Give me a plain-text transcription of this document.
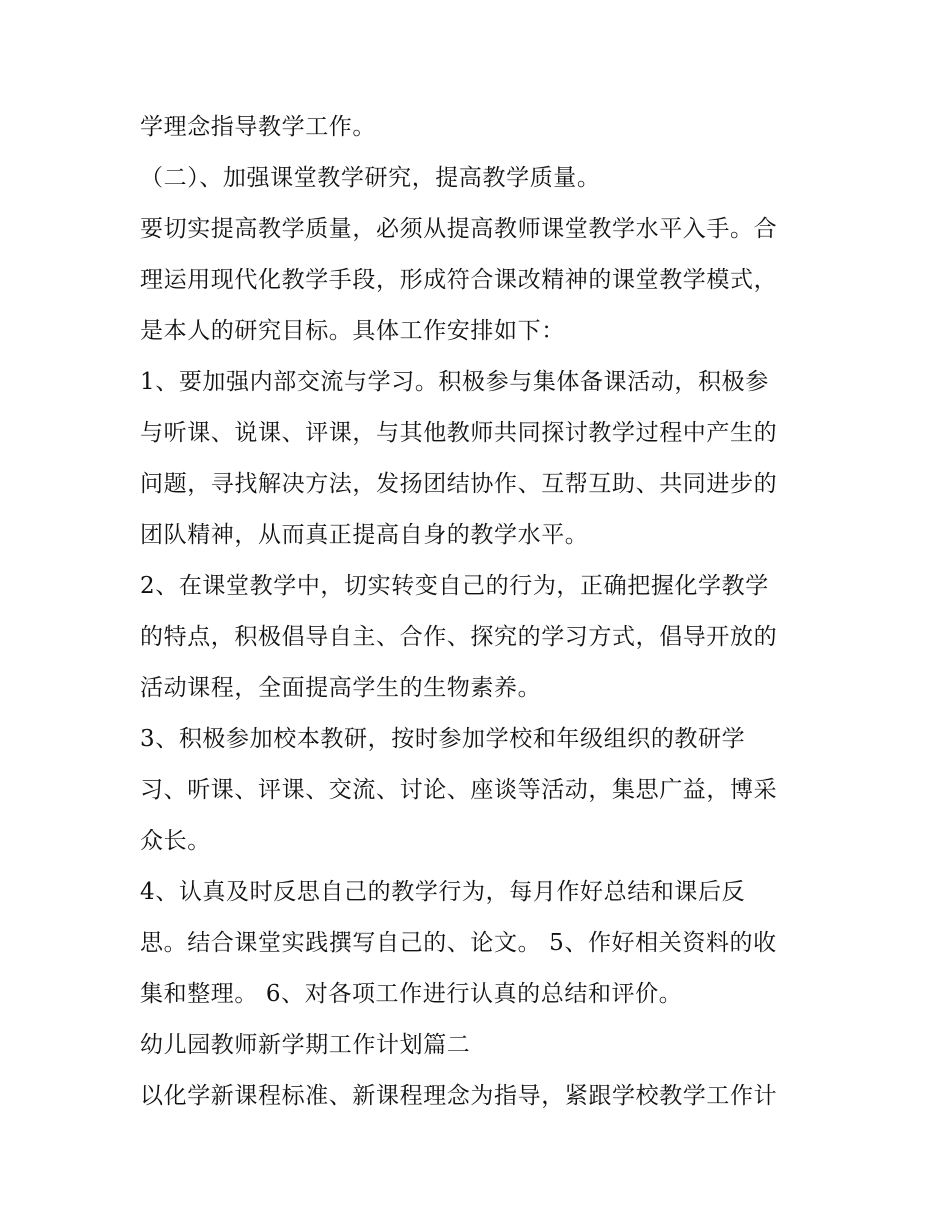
学理念指导教学工作。
（二）、加强课堂教学研究，提高教学质量。
要切实提高教学质量，必须从提高教师课堂教学水平入手。合
理运用现代化教学手段，形成符合课改精神的课堂教学模式，
是本人的研究目标。具体工作安排如下：
1、要加强内部交流与学习。积极参与集体备课活动，积极参
与听课、说课、评课，与其他教师共同探讨教学过程中产生的
问题，寻找解决方法，发扬团结协作、互帮互助、共同进步的
团队精神，从而真正提高自身的教学水平。
2、在课堂教学中，切实转变自己的行为，正确把握化学教学
的特点，积极倡导自主、合作、探究的学习方式，倡导开放的
活动课程，全面提高学生的生物素养。
3、积极参加校本教研，按时参加学校和年级组织的教研学
习、听课、评课、交流、讨论、座谈等活动，集思广益，博采
众长。
4、认真及时反思自己的教学行为，每月作好总结和课后反
思。结合课堂实践撰写自己的、论文。 5、作好相关资料的收
集和整理。 6、对各项工作进行认真的总结和评价。
幼儿园教师新学期工作计划篇二
以化学新课程标准、新课程理念为指导，紧跟学校教学工作计
